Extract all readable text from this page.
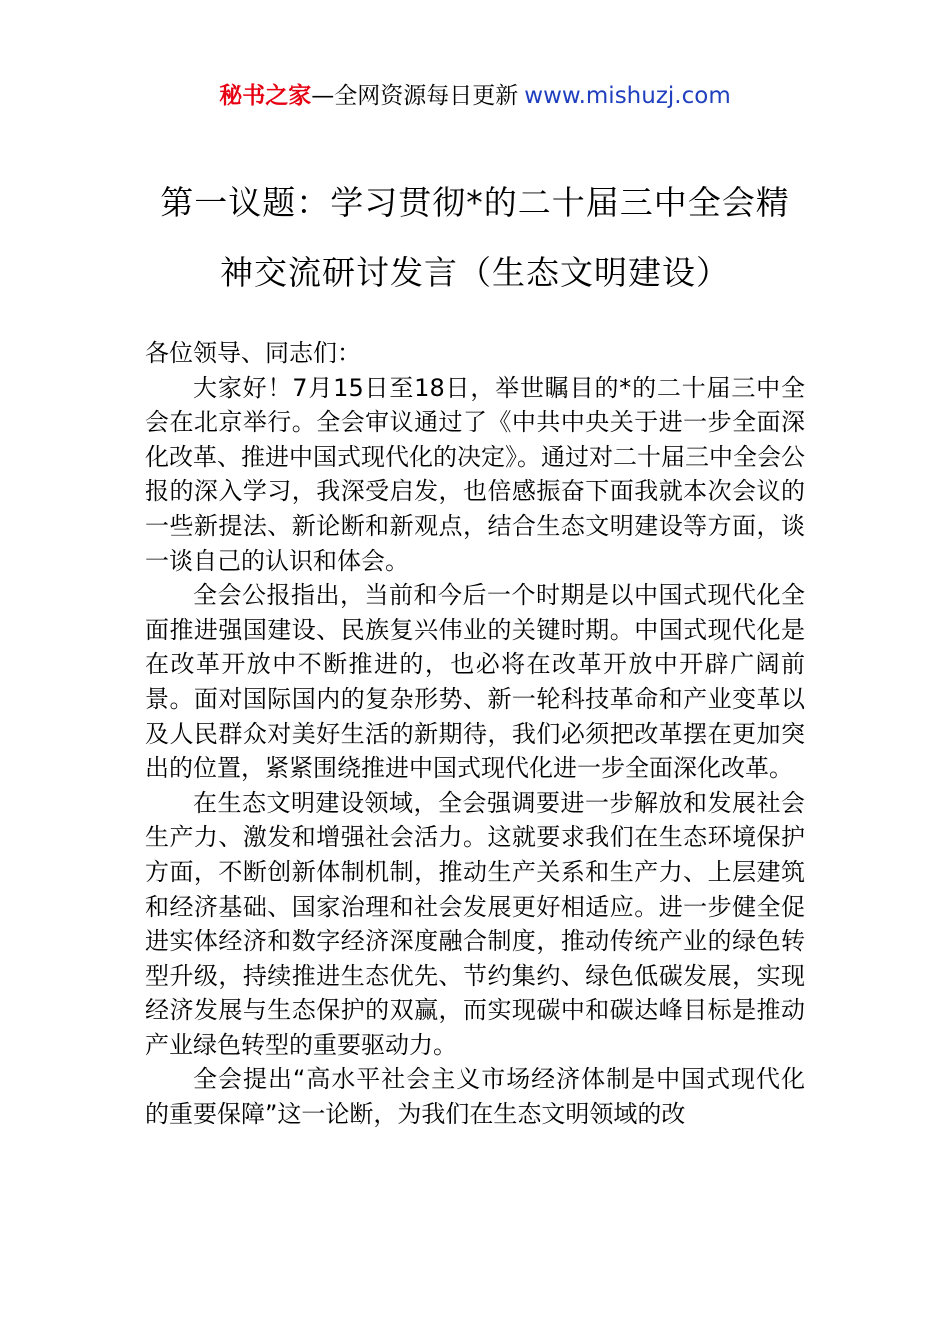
秘书之家—全网资源每日更新 www.mishuzj.com
第一议题：学习贯彻*的二十届三中全会精
神交流研讨发言（生态文明建设）
各位领导、同志们：
大家好！7月15日至18日，举世瞩目的*的二十届三中全会在北京举行。全会审议通过了《中共中央关于进一步全面深化改革、推进中国式现代化的决定》。通过对二十届三中全会公报的深入学习，我深受启发，也倍感振奋下面我就本次会议的一些新提法、新论断和新观点，结合生态文明建设等方面，谈一谈自己的认识和体会。
全会公报指出，当前和今后一个时期是以中国式现代化全面推进强国建设、民族复兴伟业的关键时期。中国式现代化是在改革开放中不断推进的，也必将在改革开放中开辟广阔前景。面对国际国内的复杂形势、新一轮科技革命和产业变革以及人民群众对美好生活的新期待，我们必须把改革摆在更加突出的位置，紧紧围绕推进中国式现代化进一步全面深化改革。
在生态文明建设领域，全会强调要进一步解放和发展社会生产力、激发和增强社会活力。这就要求我们在生态环境保护方面，不断创新体制机制，推动生产关系和生产力、上层建筑和经济基础、国家治理和社会发展更好相适应。进一步健全促进实体经济和数字经济深度融合制度，推动传统产业的绿色转型升级，持续推进生态优先、节约集约、绿色低碳发展，实现经济发展与生态保护的双赢，而实现碳中和碳达峰目标是推动产业绿色转型的重要驱动力。
全会提出“高水平社会主义市场经济体制是中国式现代化的重要保障”这一论断，为我们在生态文明领域的改
